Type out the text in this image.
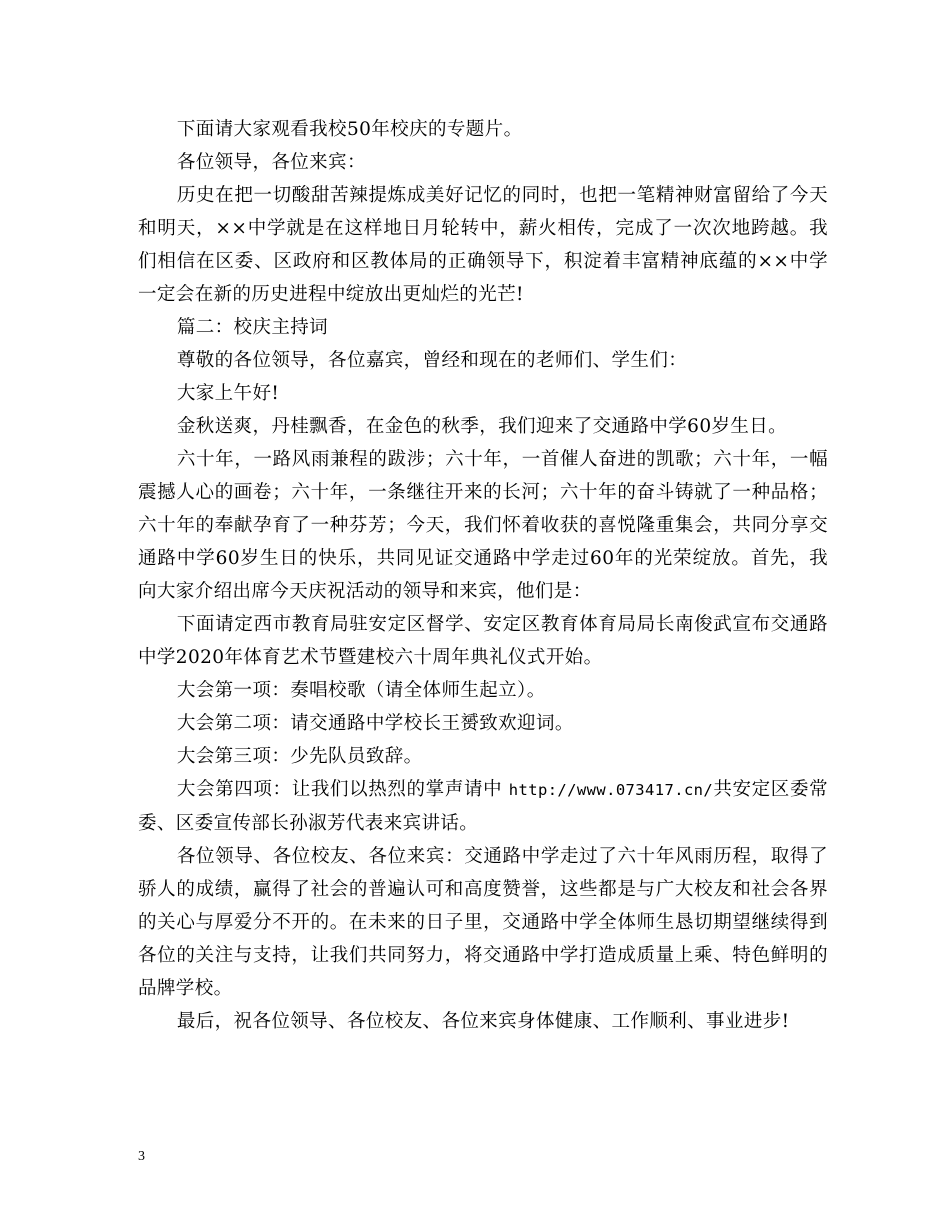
下面请大家观看我校50年校庆的专题片。

各位领导，各位来宾：

历史在把一切酸甜苦辣提炼成美好记忆的同时，也把一笔精神财富留给了今天和明天，××中学就是在这样地日月轮转中，薪火相传，完成了一次次地跨越。我们相信在区委、区政府和区教体局的正确领导下，积淀着丰富精神底蕴的××中学一定会在新的历史进程中绽放出更灿烂的光芒!

篇二：校庆主持词

尊敬的各位领导，各位嘉宾，曾经和现在的老师们、学生们：

大家上午好!

金秋送爽，丹桂飘香，在金色的秋季，我们迎来了交通路中学60岁生日。

六十年，一路风雨兼程的跋涉；六十年，一首催人奋进的凯歌；六十年，一幅震撼人心的画卷；六十年，一条继往开来的长河；六十年的奋斗铸就了一种品格；六十年的奉献孕育了一种芬芳；今天，我们怀着收获的喜悦隆重集会，共同分享交通路中学60岁生日的快乐，共同见证交通路中学走过60年的光荣绽放。首先，我向大家介绍出席今天庆祝活动的领导和来宾，他们是：

下面请定西市教育局驻安定区督学、安定区教育体育局局长南俊武宣布交通路中学2020年体育艺术节暨建校六十周年典礼仪式开始。

大会第一项：奏唱校歌（请全体师生起立）。

大会第二项：请交通路中学校长王赟致欢迎词。

大会第三项：少先队员致辞。

大会第四项：让我们以热烈的掌声请中 http://www.073417.cn/共安定区委常委、区委宣传部长孙淑芳代表来宾讲话。

各位领导、各位校友、各位来宾：交通路中学走过了六十年风雨历程，取得了骄人的成绩，赢得了社会的普遍认可和高度赞誉，这些都是与广大校友和社会各界的关心与厚爱分不开的。在未来的日子里，交通路中学全体师生恳切期望继续得到各位的关注与支持，让我们共同努力，将交通路中学打造成质量上乘、特色鲜明的品牌学校。

最后，祝各位领导、各位校友、各位来宾身体健康、工作顺利、事业进步!

3
